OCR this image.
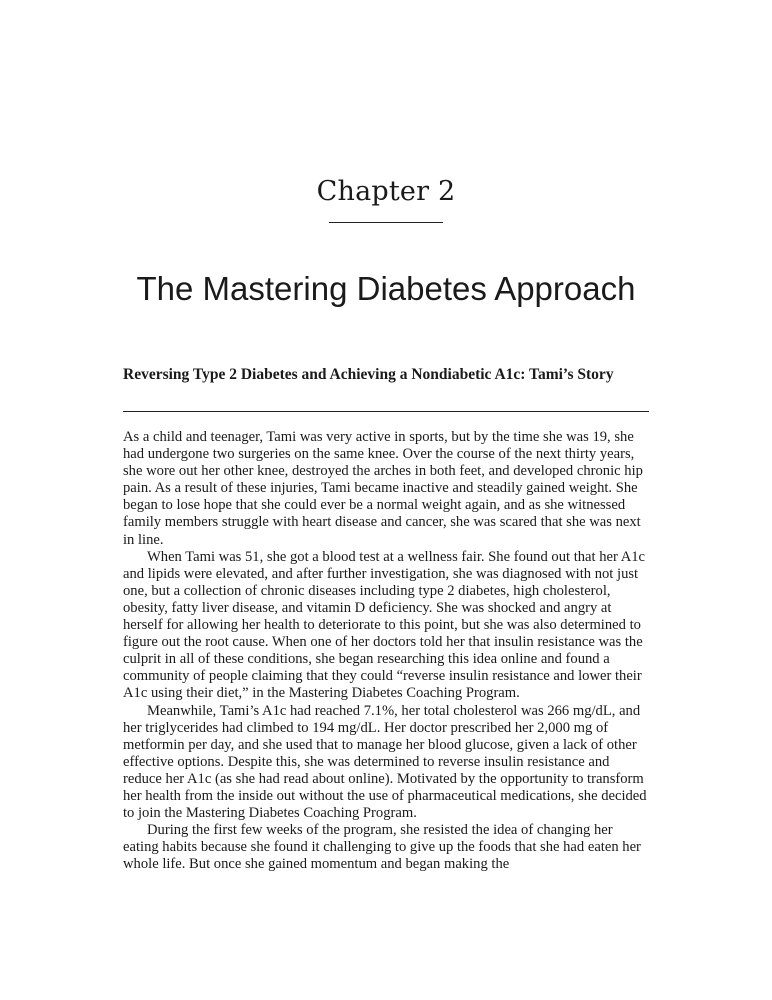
Chapter 2
The Mastering Diabetes Approach
Reversing Type 2 Diabetes and Achieving a Nondiabetic A1c: Tami’s Story

As a child and teenager, Tami was very active in sports, but by the time she was 19, she had undergone two surgeries on the same knee. Over the course of the next thirty years, she wore out her other knee, destroyed the arches in both feet, and developed chronic hip pain. As a result of these injuries, Tami became inactive and steadily gained weight. She began to lose hope that she could ever be a normal weight again, and as she witnessed family members struggle with heart disease and cancer, she was scared that she was next in line.

When Tami was 51, she got a blood test at a wellness fair. She found out that her A1c and lipids were elevated, and after further investigation, she was diagnosed with not just one, but a collection of chronic diseases including type 2 diabetes, high cholesterol, obesity, fatty liver disease, and vitamin D deficiency. She was shocked and angry at herself for allowing her health to deteriorate to this point, but she was also determined to figure out the root cause. When one of her doctors told her that insulin resistance was the culprit in all of these conditions, she began researching this idea online and found a community of people claiming that they could “reverse insulin resistance and lower their A1c using their diet,” in the Mastering Diabetes Coaching Program.

Meanwhile, Tami’s A1c had reached 7.1%, her total cholesterol was 266 mg/dL, and her triglycerides had climbed to 194 mg/dL. Her doctor prescribed her 2,000 mg of metformin per day, and she used that to manage her blood glucose, given a lack of other effective options. Despite this, she was determined to reverse insulin resistance and reduce her A1c (as she had read about online). Motivated by the opportunity to transform her health from the inside out without the use of pharmaceutical medications, she decided to join the Mastering Diabetes Coaching Program.

During the first few weeks of the program, she resisted the idea of changing her eating habits because she found it challenging to give up the foods that she had eaten her whole life. But once she gained momentum and began making the
